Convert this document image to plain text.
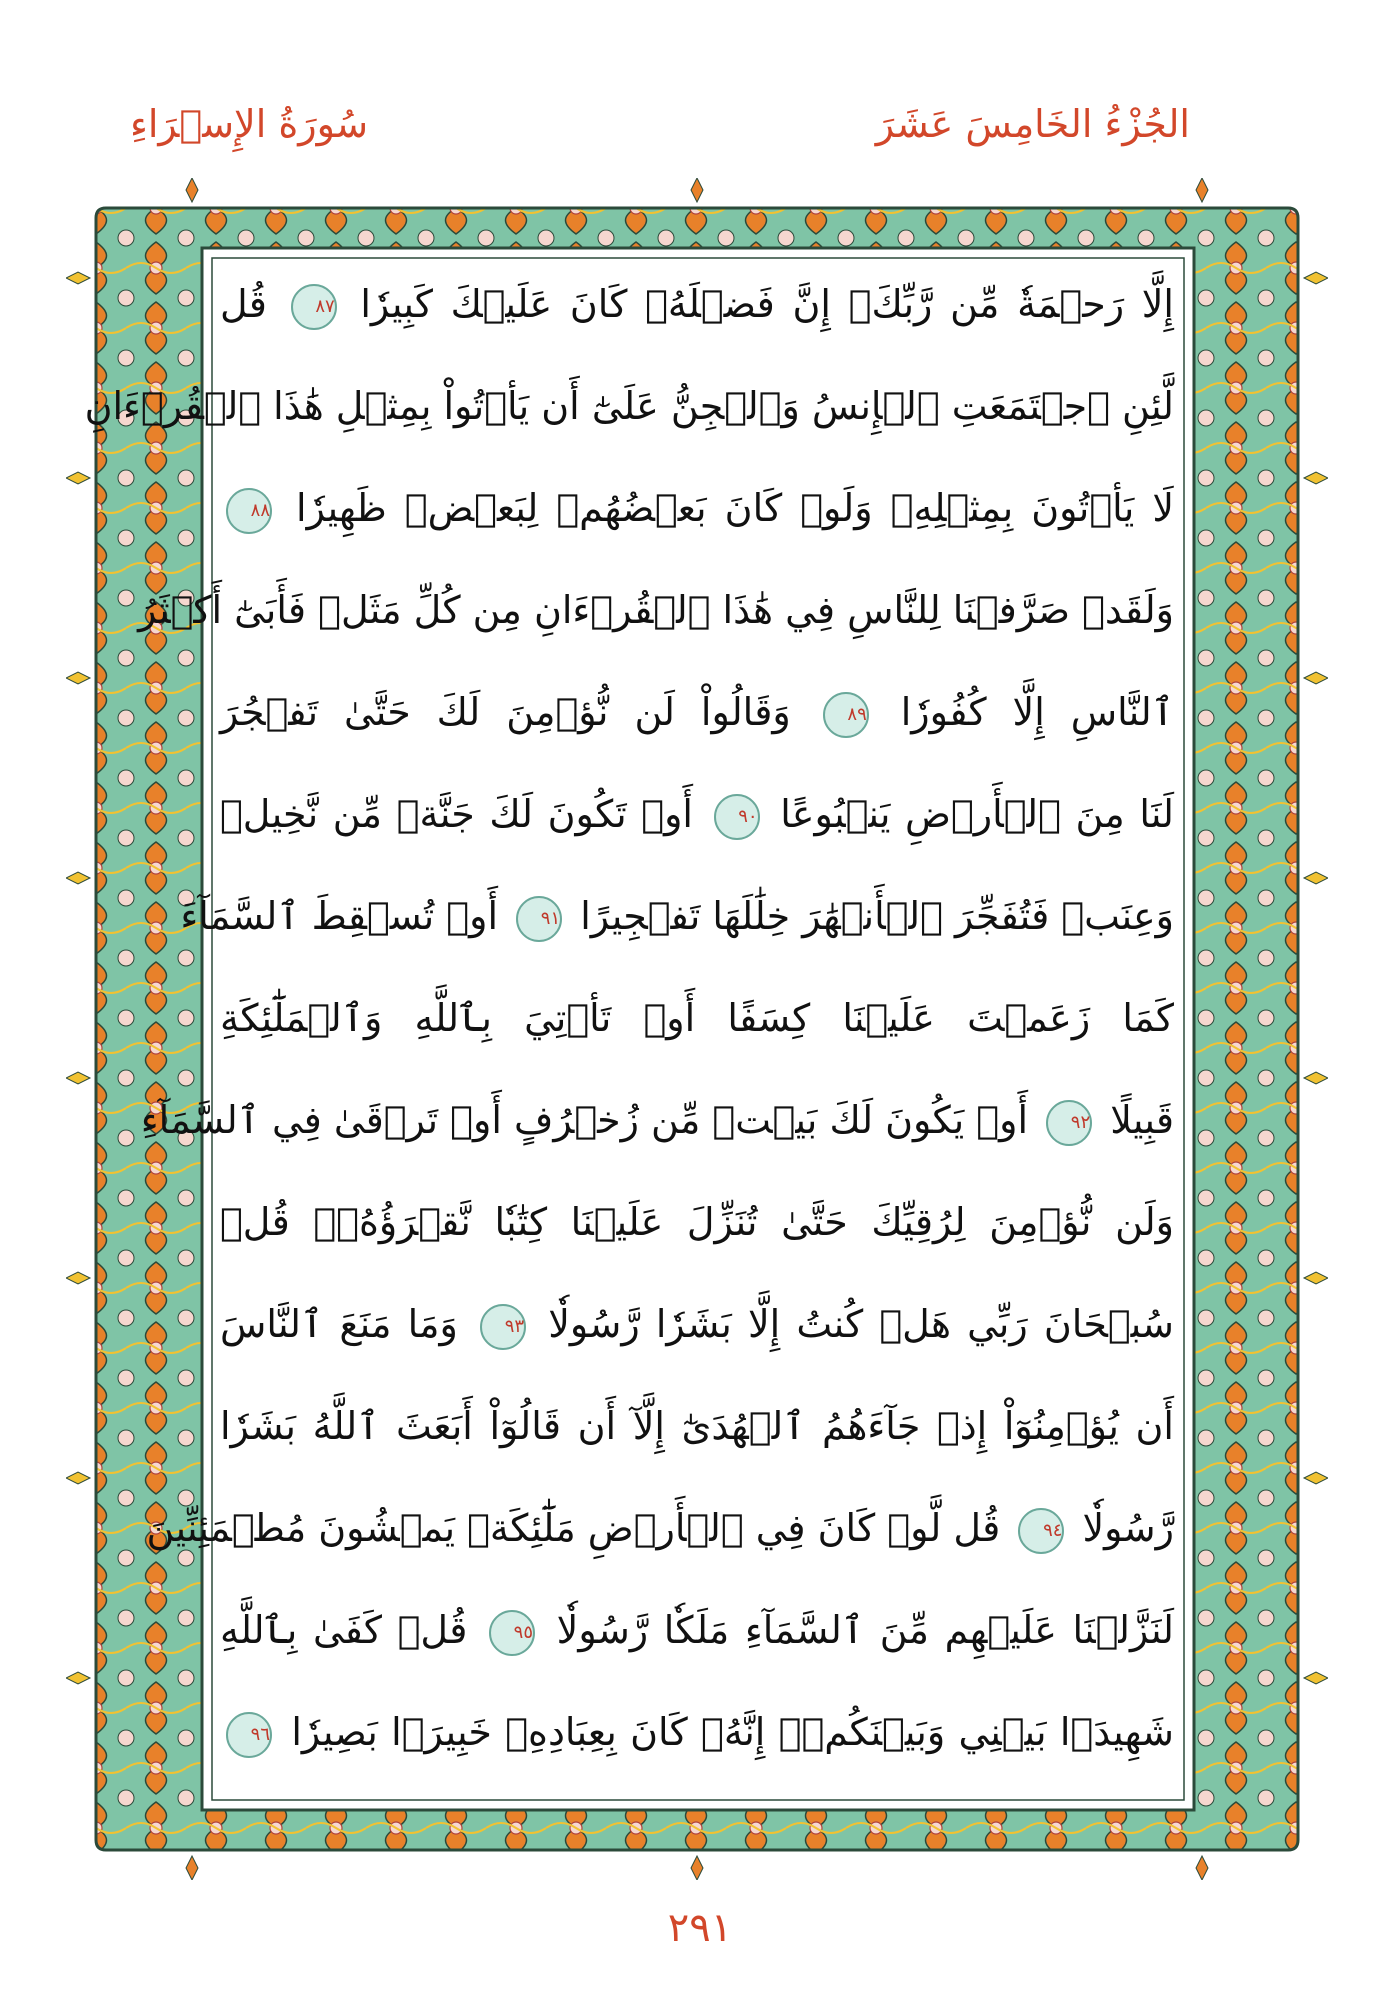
الجُزْءُ الخَامِسَ عَشَرَ
سُورَةُ الإِسۡرَاءِ
إِلَّا رَحۡمَةٗ مِّن رَّبِّكَۚ إِنَّ فَضۡلَهُۥ كَانَ عَلَيۡكَ كَبِيرٗا ٨٧ قُل
لَّئِنِ ٱجۡتَمَعَتِ ٱلۡإِنسُ وَٱلۡجِنُّ عَلَىٰٓ أَن يَأۡتُواْ بِمِثۡلِ هَٰذَا ٱلۡقُرۡءَانِ
لَا يَأۡتُونَ بِمِثۡلِهِۦ وَلَوۡ كَانَ بَعۡضُهُمۡ لِبَعۡضٖ ظَهِيرٗا ٨٨
وَلَقَدۡ صَرَّفۡنَا لِلنَّاسِ فِي هَٰذَا ٱلۡقُرۡءَانِ مِن كُلِّ مَثَلٖ فَأَبَىٰٓ أَكۡثَرُ
ٱلنَّاسِ إِلَّا كُفُورٗا ٨٩ وَقَالُواْ لَن نُّؤۡمِنَ لَكَ حَتَّىٰ تَفۡجُرَ
لَنَا مِنَ ٱلۡأَرۡضِ يَنۢبُوعًا ٩٠ أَوۡ تَكُونَ لَكَ جَنَّةٞ مِّن نَّخِيلٖ
وَعِنَبٖ فَتُفَجِّرَ ٱلۡأَنۡهَٰرَ خِلَٰلَهَا تَفۡجِيرًا ٩١ أَوۡ تُسۡقِطَ ٱلسَّمَآءَ
كَمَا زَعَمۡتَ عَلَيۡنَا كِسَفًا أَوۡ تَأۡتِيَ بِٱللَّهِ وَٱلۡمَلَٰٓئِكَةِ
قَبِيلًا ٩٢ أَوۡ يَكُونَ لَكَ بَيۡتٞ مِّن زُخۡرُفٍ أَوۡ تَرۡقَىٰ فِي ٱلسَّمَآءِ
وَلَن نُّؤۡمِنَ لِرُقِيِّكَ حَتَّىٰ تُنَزِّلَ عَلَيۡنَا كِتَٰبٗا نَّقۡرَؤُهُۥۗ قُلۡ
سُبۡحَانَ رَبِّي هَلۡ كُنتُ إِلَّا بَشَرٗا رَّسُولٗا ٩٣ وَمَا مَنَعَ ٱلنَّاسَ
أَن يُؤۡمِنُوٓاْ إِذۡ جَآءَهُمُ ٱلۡهُدَىٰٓ إِلَّآ أَن قَالُوٓاْ أَبَعَثَ ٱللَّهُ بَشَرٗا
رَّسُولٗا ٩٤ قُل لَّوۡ كَانَ فِي ٱلۡأَرۡضِ مَلَٰٓئِكَةٞ يَمۡشُونَ مُطۡمَئِنِّينَ
لَنَزَّلۡنَا عَلَيۡهِم مِّنَ ٱلسَّمَآءِ مَلَكٗا رَّسُولٗا ٩٥ قُلۡ كَفَىٰ بِٱللَّهِ
شَهِيدَۢا بَيۡنِي وَبَيۡنَكُمۡۚ إِنَّهُۥ كَانَ بِعِبَادِهِۦ خَبِيرَۢا بَصِيرٗا ٩٦
٢٩١
